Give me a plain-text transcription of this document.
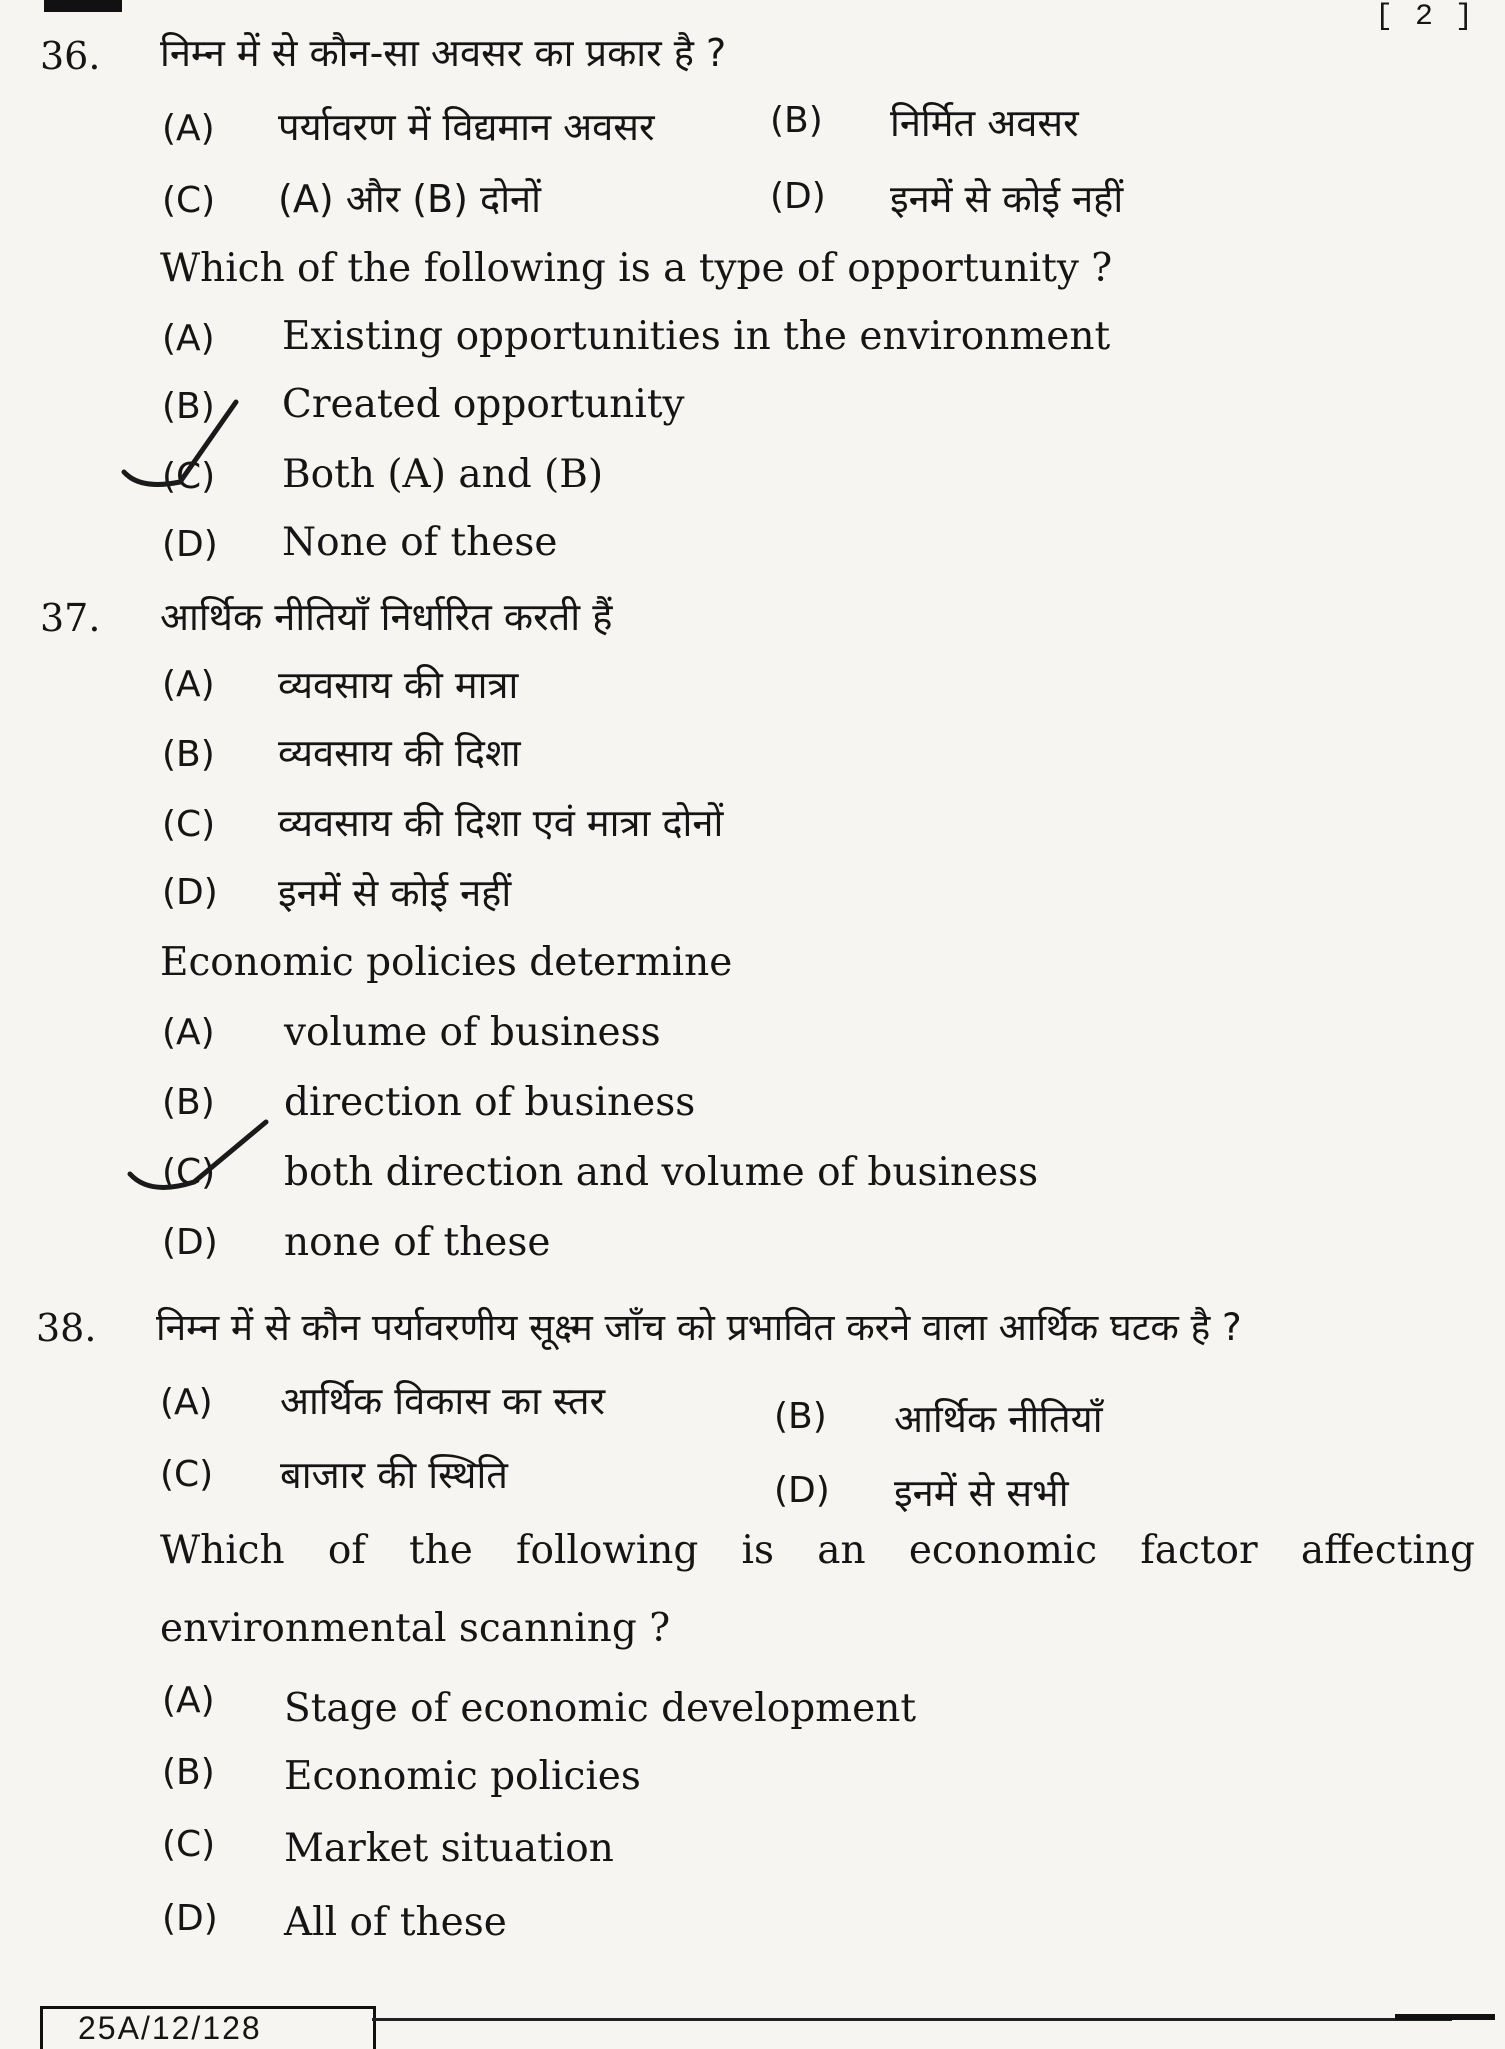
[ 2 ]
36. निम्न में से कौन-सा अवसर का प्रकार है ?
(A) पर्यावरण में विद्यमान अवसर	(B) निर्मित अवसर
(C) (A) और (B) दोनों	(D) इनमें से कोई नहीं
Which of the following is a type of opportunity ?
(A) Existing opportunities in the environment
(B) Created opportunity
(C) Both (A) and (B)
(D) None of these
37. आर्थिक नीतियाँ निर्धारित करती हैं
(A) व्यवसाय की मात्रा
(B) व्यवसाय की दिशा
(C) व्यवसाय की दिशा एवं मात्रा दोनों
(D) इनमें से कोई नहीं
Economic policies determine
(A) volume of business
(B) direction of business
(C) both direction and volume of business
(D) none of these
38. निम्न में से कौन पर्यावरणीय सूक्ष्म जाँच को प्रभावित करने वाला आर्थिक घटक है ?
(A) आर्थिक विकास का स्तर	(B) आर्थिक नीतियाँ
(C) बाजार की स्थिति	(D) इनमें से सभी
Which of the following is an economic factor affecting
environmental scanning ?
(A) Stage of economic development
(B) Economic policies
(C) Market situation
(D) All of these
25A/12/128
